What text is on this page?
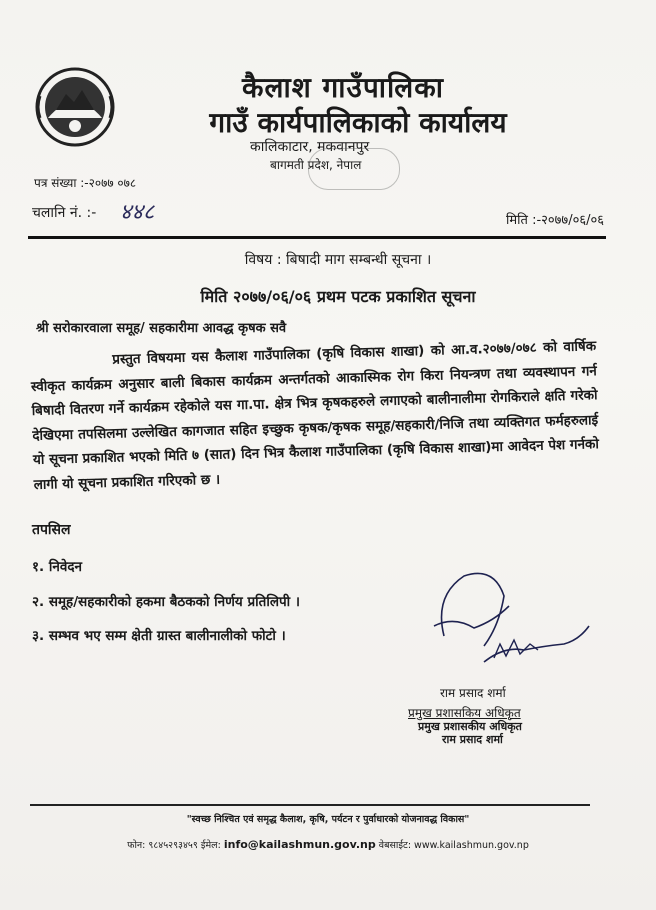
कैलाश गाउँपालिका
गाउँ कार्यपालिकाको कार्यालय
कालिकाटार, मकवानपुर
बागमती प्रदेश, नेपाल
पत्र संख्या :-२०७७ ०७८
चलानि नं. :- ४४८	मिति :-२०७७/०६/०६
विषय : बिषादी माग सम्बन्धी सूचना ।
मिति २०७७/०६/०६ प्रथम पटक प्रकाशित सूचना
श्री सरोकारवाला समूह/ सहकारीमा आवद्ध कृषक सवै
प्रस्तुत विषयमा यस कैलाश गाउँपालिका (कृषि विकास शाखा) को आ.व.२०७७/०७८ को वार्षिक स्वीकृत कार्यक्रम अनुसार बाली बिकास कार्यक्रम अन्तर्गतको आकास्मिक रोग किरा नियन्त्रण तथा व्यवस्थापन गर्न बिषादी वितरण गर्ने कार्यक्रम रहेकोले यस गा.पा. क्षेत्र भित्र कृषकहरुले लगाएको बालीनालीमा रोगकिराले क्षति गरेको देखिएमा तपसिलमा उल्लेखित कागजात सहित इच्छुक कृषक/कृषक समूह/सहकारी/निजि तथा व्यक्तिगत फर्महरुलाई यो सूचना प्रकाशित भएको मिति ७ (सात) दिन भित्र कैलाश गाउँपालिका (कृषि विकास शाखा)मा आवेदन पेश गर्नको लागी यो सूचना प्रकाशित गरिएको छ ।
तपसिल
१. निवेदन
२. समूह/सहकारीको हकमा बैठकको निर्णय प्रतिलिपी ।
३. सम्भव भए सम्म क्षेती ग्रास्त बालीनालीको फोटो ।
राम प्रसाद शर्मा
प्रमुख प्रशासकिय अधिकृत
प्रमुख प्रशासकीय अधिकृत
राम प्रसाद शर्मा
"स्वच्छ निश्चित एवं समृद्ध कैलाश, कृषि, पर्यटन र पुर्वाधारको योजनावद्ध विकास"
फोन: ९८४५२९३४५९ ईमेल: info@kailashmun.gov.np वेबसाईट: www.kailashmun.gov.np
